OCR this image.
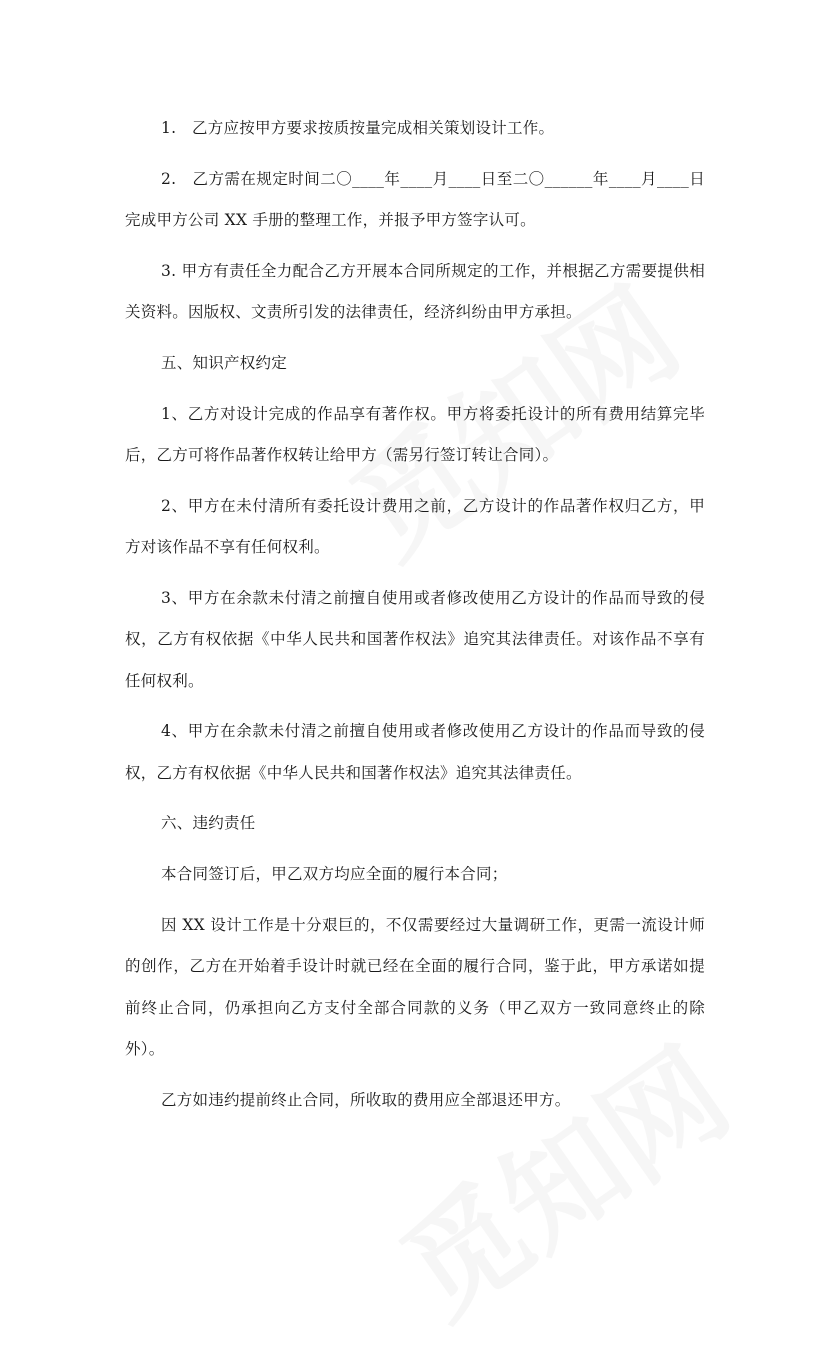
1.　乙方应按甲方要求按质按量完成相关策划设计工作。

2.　乙方需在规定时间二〇____年____月____日至二〇______年____月____日完成甲方公司 XX 手册的整理工作，并报予甲方签字认可。

3. 甲方有责任全力配合乙方开展本合同所规定的工作，并根据乙方需要提供相关资料。因版权、文责所引发的法律责任，经济纠纷由甲方承担。

五、知识产权约定

1、乙方对设计完成的作品享有著作权。甲方将委托设计的所有费用结算完毕后，乙方可将作品著作权转让给甲方（需另行签订转让合同）。

2、甲方在未付清所有委托设计费用之前，乙方设计的作品著作权归乙方，甲方对该作品不享有任何权利。

3、甲方在余款未付清之前擅自使用或者修改使用乙方设计的作品而导致的侵权，乙方有权依据《中华人民共和国著作权法》追究其法律责任。对该作品不享有任何权利。

4、甲方在余款未付清之前擅自使用或者修改使用乙方设计的作品而导致的侵权，乙方有权依据《中华人民共和国著作权法》追究其法律责任。

六、违约责任

本合同签订后，甲乙双方均应全面的履行本合同；

因 XX 设计工作是十分艰巨的，不仅需要经过大量调研工作，更需一流设计师的创作，乙方在开始着手设计时就已经在全面的履行合同，鉴于此，甲方承诺如提前终止合同，仍承担向乙方支付全部合同款的义务（甲乙双方一致同意终止的除外）。

乙方如违约提前终止合同，所收取的费用应全部退还甲方。
